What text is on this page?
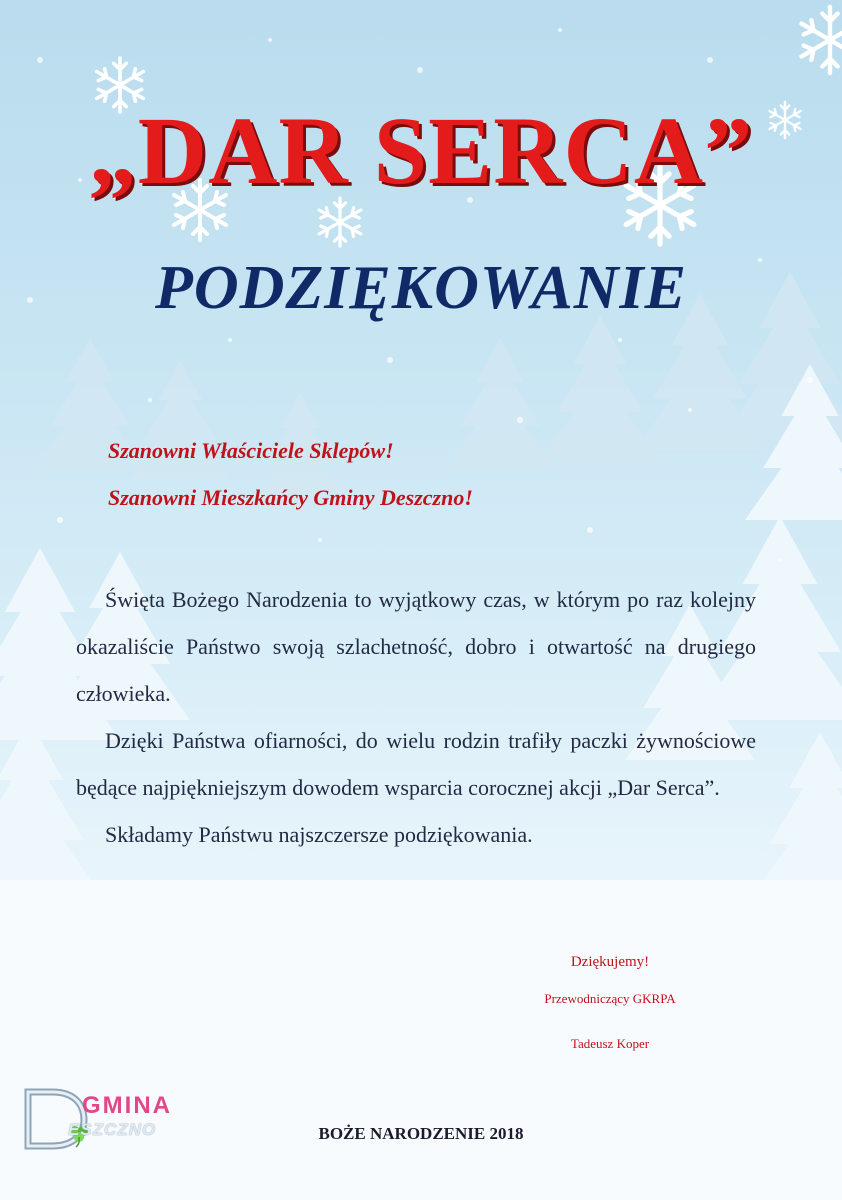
„DAR SERCA”
PODZIĘKOWANIE
Szanowni Właściciele Sklepów!
Szanowni Mieszkańcy Gminy Deszczno!

Święta Bożego Narodzenia to wyjątkowy czas, w którym po raz kolejny okazaliście Państwo swoją szlachetność, dobro i otwartość na drugiego człowieka.

Dzięki Państwa ofiarności, do wielu rodzin trafiły paczki żywnościowe będące najpiękniejszym dowodem wsparcia corocznej akcji „Dar Serca”.

Składamy Państwu najszczersze podziękowania.

Dziękujemy!
Przewodniczący GKRPA
Tadeusz Koper
GMINA
ESZCZNO	BOŻE NARODZENIE 2018
